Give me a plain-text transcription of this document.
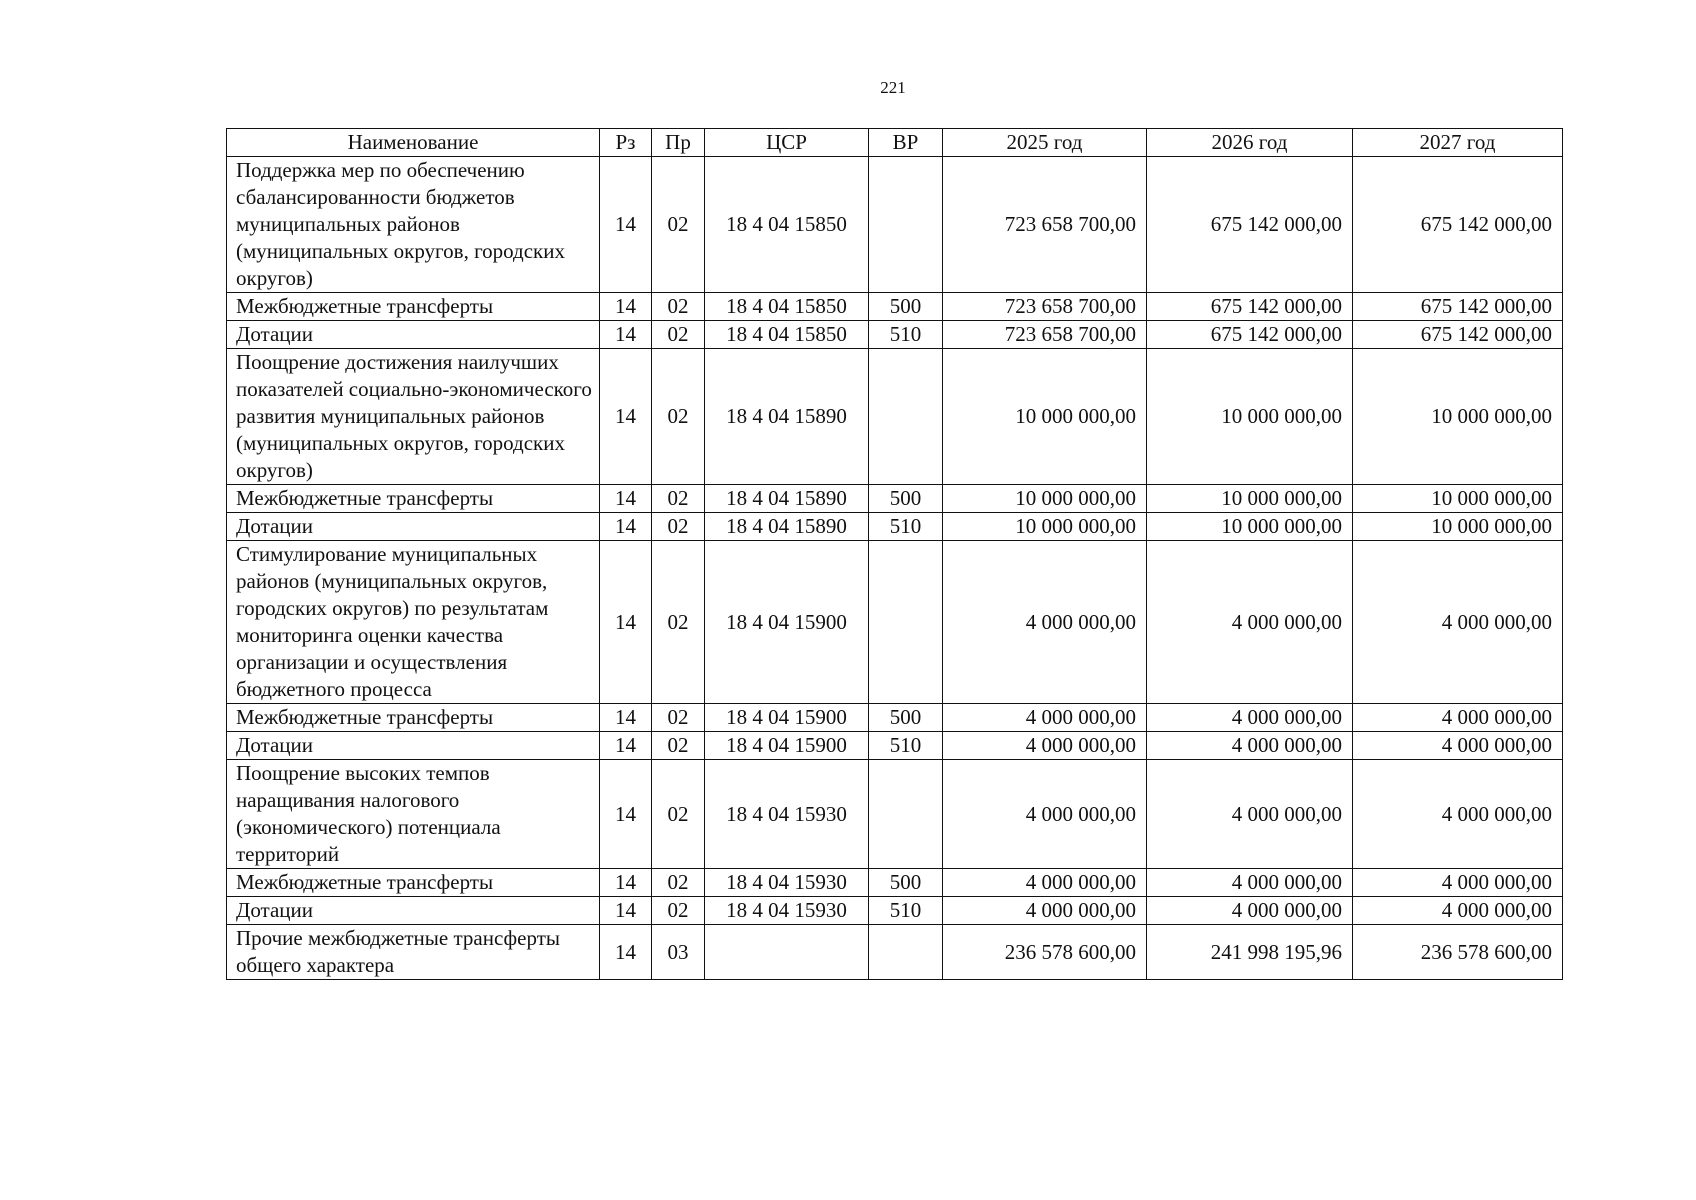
221
Наименование	Рз	Пр	ЦСР	ВР	2025 год	2026 год	2027 год
Поддержка мер по обеспечению сбалансированности бюджетов муниципальных районов (муниципальных округов, городских округов)	14	02	18 4 04 15850		723 658 700,00	675 142 000,00	675 142 000,00
Межбюджетные трансферты	14	02	18 4 04 15850	500	723 658 700,00	675 142 000,00	675 142 000,00
Дотации	14	02	18 4 04 15850	510	723 658 700,00	675 142 000,00	675 142 000,00
Поощрение достижения наилучших показателей социально-экономического развития муниципальных районов (муниципальных округов, городских округов)	14	02	18 4 04 15890		10 000 000,00	10 000 000,00	10 000 000,00
Межбюджетные трансферты	14	02	18 4 04 15890	500	10 000 000,00	10 000 000,00	10 000 000,00
Дотации	14	02	18 4 04 15890	510	10 000 000,00	10 000 000,00	10 000 000,00
Стимулирование муниципальных районов (муниципальных округов, городских округов) по результатам мониторинга оценки качества организации и осуществления бюджетного процесса	14	02	18 4 04 15900		4 000 000,00	4 000 000,00	4 000 000,00
Межбюджетные трансферты	14	02	18 4 04 15900	500	4 000 000,00	4 000 000,00	4 000 000,00
Дотации	14	02	18 4 04 15900	510	4 000 000,00	4 000 000,00	4 000 000,00
Поощрение высоких темпов наращивания налогового (экономического) потенциала территорий	14	02	18 4 04 15930		4 000 000,00	4 000 000,00	4 000 000,00
Межбюджетные трансферты	14	02	18 4 04 15930	500	4 000 000,00	4 000 000,00	4 000 000,00
Дотации	14	02	18 4 04 15930	510	4 000 000,00	4 000 000,00	4 000 000,00
Прочие межбюджетные трансферты общего характера	14	03			236 578 600,00	241 998 195,96	236 578 600,00
